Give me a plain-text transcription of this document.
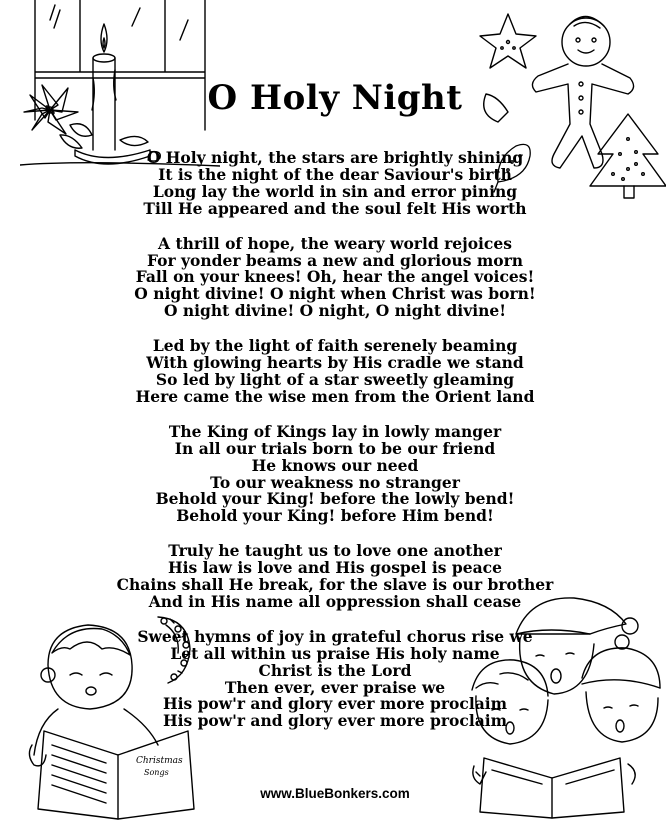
Christmas
Songs
O Holy Night
O Holy night, the stars are brightly shining
It is the night of the dear Saviour's birth
Long lay the world in sin and error pining
Till He appeared and the soul felt His worth
A thrill of hope, the weary world rejoices
For yonder beams a new and glorious morn
Fall on your knees! Oh, hear the angel voices!
O night divine! O night when Christ was born!
O night divine! O night, O night divine!
Led by the light of faith serenely beaming
With glowing hearts by His cradle we stand
So led by light of a star sweetly gleaming
Here came the wise men from the Orient land
The King of Kings lay in lowly manger
In all our trials born to be our friend
He knows our need
To our weakness no stranger
Behold your King! before the lowly bend!
Behold your King! before Him bend!
Truly he taught us to love one another
His law is love and His gospel is peace
Chains shall He break, for the slave is our brother
And in His name all oppression shall cease
Sweet hymns of joy in grateful chorus rise we
Let all within us praise His holy name
Christ is the Lord
Then ever, ever praise we
His pow'r and glory ever more proclaim
His pow'r and glory ever more proclaim
www.BlueBonkers.com
